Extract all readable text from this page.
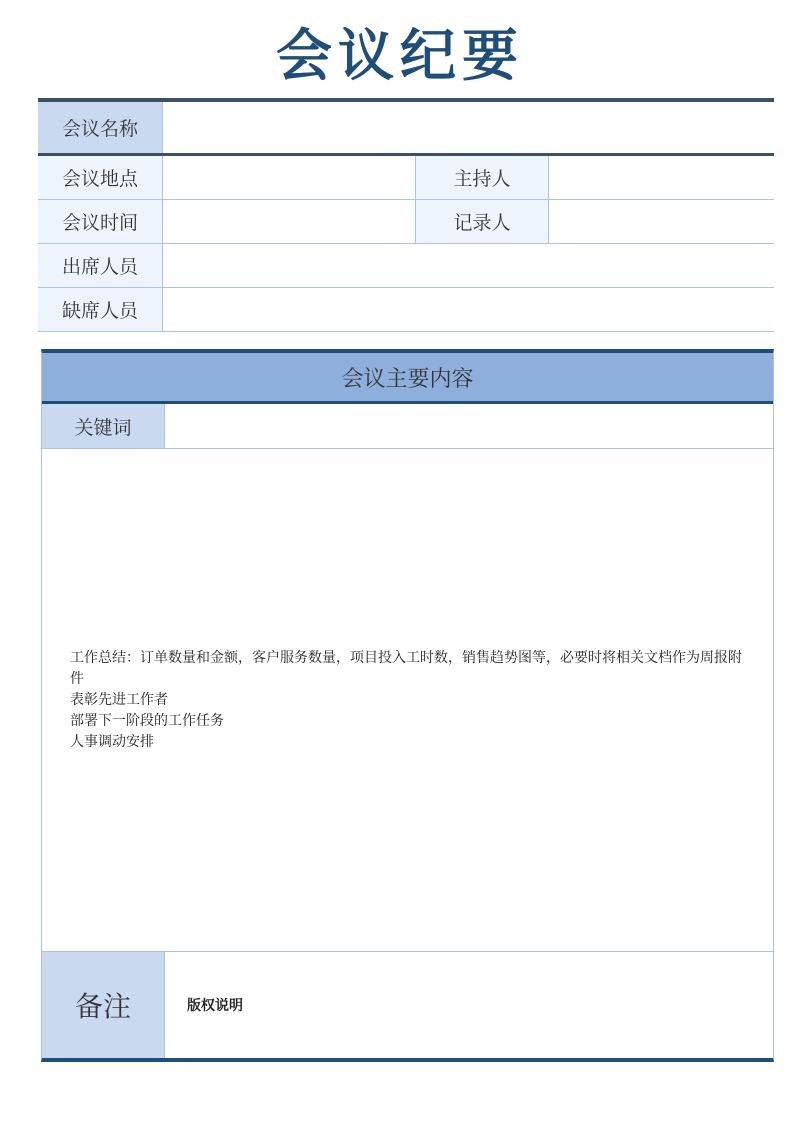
会议纪要
会议名称
会议地点	主持人
会议时间	记录人
出席人员
缺席人员
会议主要内容
关键词
工作总结：订单数量和金额，客户服务数量，项目投入工时数，销售趋势图等，必要时将相关文档作为周报附件
表彰先进工作者
部署下一阶段的工作任务
人事调动安排
备注	版权说明
